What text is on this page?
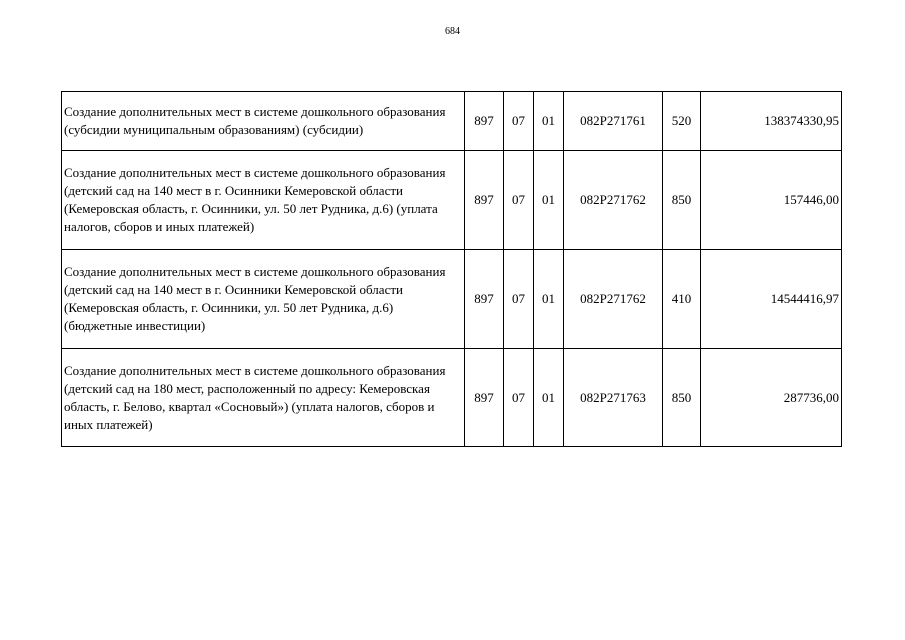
684
Создание дополнительных мест в системе дошкольного образования (субсидии муниципальным образованиям) (субсидии)	897	07	01	082P271761	520	138374330,95

Создание дополнительных мест в системе дошкольного образования (детский сад на 140 мест в г. Осинники Кемеровской области (Кемеровская область, г. Осинники, ул. 50 лет Рудника, д.6) (уплата налогов, сборов и иных платежей)	897	07	01	082P271762	850	157446,00

Создание дополнительных мест в системе дошкольного образования (детский сад на 140 мест в г. Осинники Кемеровской области (Кемеровская область, г. Осинники, ул. 50 лет Рудника, д.6) (бюджетные инвестиции)	897	07	01	082P271762	410	14544416,97

Создание дополнительных мест в системе дошкольного образования (детский сад на 180 мест, расположенный по адресу: Кемеровская область, г. Белово, квартал «Сосновый») (уплата налогов, сборов и иных платежей)	897	07	01	082P271763	850	287736,00
